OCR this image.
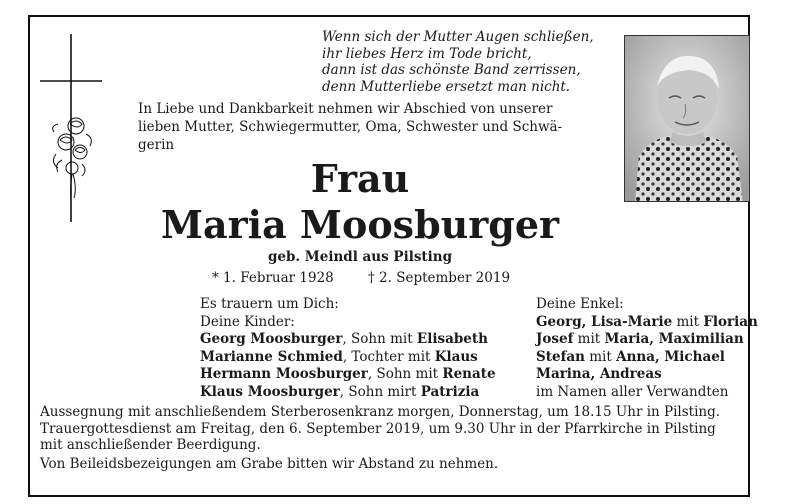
Wenn sich der Mutter Augen schließen,
ihr liebes Herz im Tode bricht,
dann ist das schönste Band zerrissen,
denn Mutterliebe ersetzt man nicht.
In Liebe und Dankbarkeit nehmen wir Abschied von unserer
lieben Mutter, Schwiegermutter, Oma, Schwester und Schwä-
gerin
Frau
Maria Moosburger
geb. Meindl aus Pilsting
* 1. Februar 1928	† 2. September 2019
Es trauern um Dich:
Deine Kinder:
Georg Moosburger, Sohn mit Elisabeth
Marianne Schmied, Tochter mit Klaus
Hermann Moosburger, Sohn mit Renate
Klaus Moosburger, Sohn mirt Patrizia
Deine Enkel:
Georg, Lisa-Marie mit Florian
Josef mit Maria, Maximilian
Stefan mit Anna, Michael
Marina, Andreas
im Namen aller Verwandten
Aussegnung mit anschließendem Sterberosenkranz morgen, Donnerstag, um 18.15 Uhr in Pilsting.
Trauergottesdienst am Freitag, den 6. September 2019, um 9.30 Uhr in der Pfarrkirche in Pilsting
mit anschließender Beerdigung.
Von Beileidsbezeigungen am Grabe bitten wir Abstand zu nehmen.
